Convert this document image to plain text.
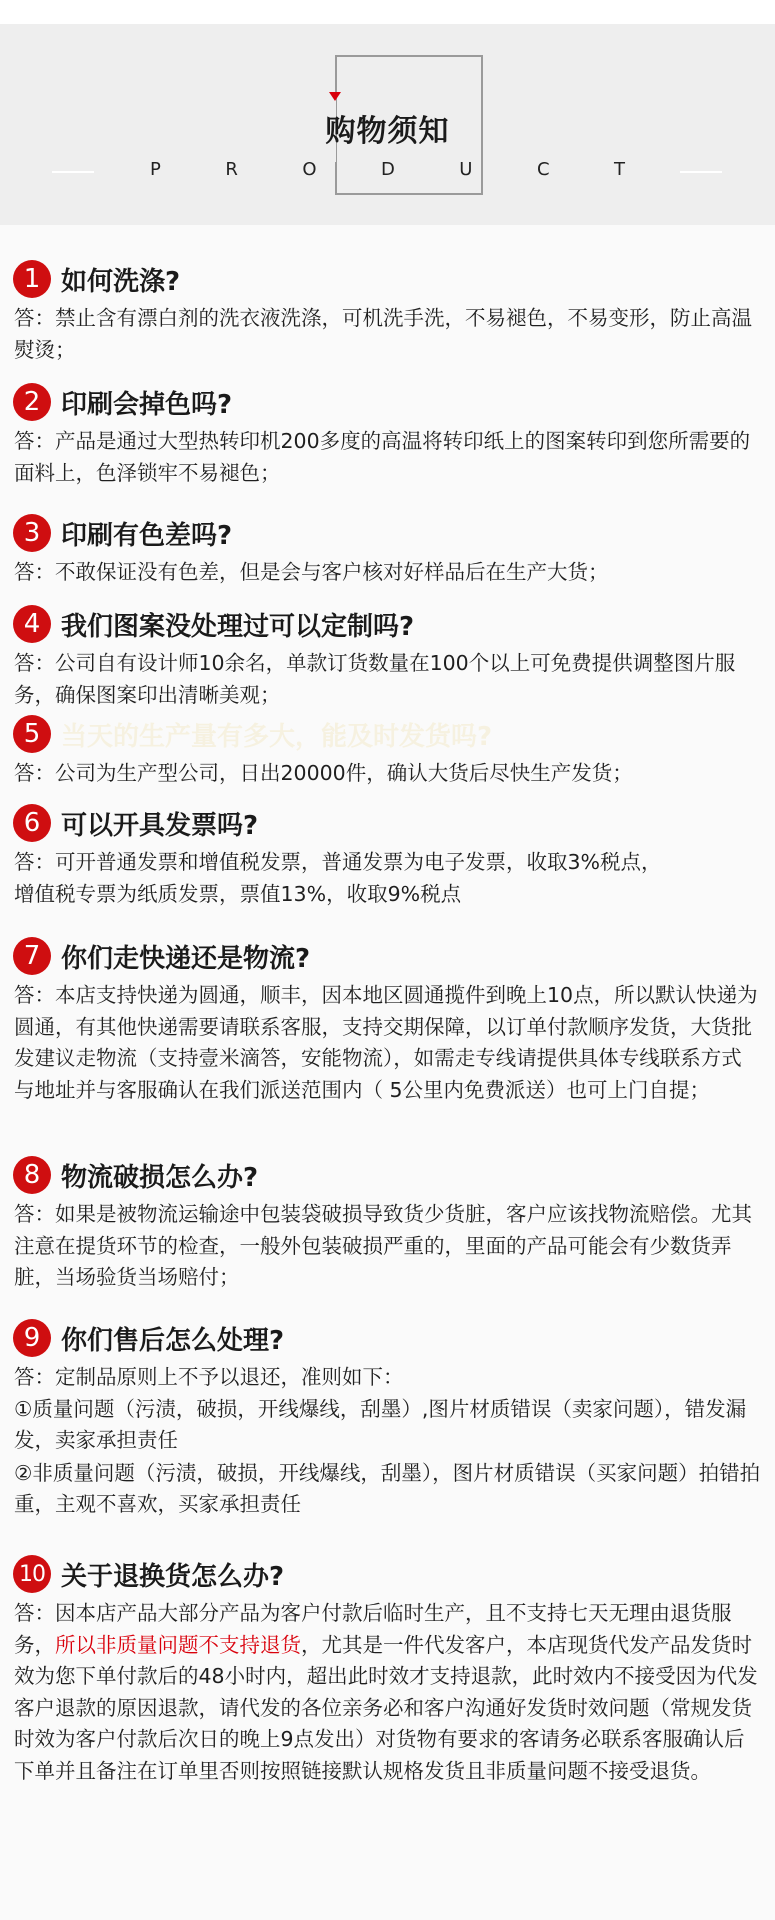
购物须知
P	R	O	D	U	C	T
1 如何洗涤?

答：禁止含有漂白剂的洗衣液洗涤，可机洗手洗，不易褪色，不易变形，防止高温熨烫；

2 印刷会掉色吗?

答：产品是通过大型热转印机200多度的高温将转印纸上的图案转印到您所需要的面料上，色泽锁牢不易褪色；

3 印刷有色差吗?

答：不敢保证没有色差，但是会与客户核对好样品后在生产大货；

4 我们图案没处理过可以定制吗?

答：公司自有设计师10余名，单款订货数量在100个以上可免费提供调整图片服务，确保图案印出清晰美观；

5 当天的生产量有多大，能及时发货吗?

答：公司为生产型公司，日出20000件，确认大货后尽快生产发货；

6 可以开具发票吗?

答：可开普通发票和增值税发票，普通发票为电子发票，收取3%税点，

增值税专票为纸质发票，票值13%，收取9%税点

7 你们走快递还是物流?

答：本店支持快递为圆通，顺丰，因本地区圆通揽件到晚上10点，所以默认快递为圆通，有其他快递需要请联系客服，支持交期保障，以订单付款顺序发货，大货批发建议走物流（支持壹米滴答，安能物流），如需走专线请提供具体专线联系方式与地址并与客服确认在我们派送范围内（ 5公里内免费派送）也可上门自提；

8 物流破损怎么办?

答：如果是被物流运输途中包装袋破损导致货少货脏，客户应该找物流赔偿。尤其注意在提货环节的检查，一般外包装破损严重的，里面的产品可能会有少数货弄脏，当场验货当场赔付；

9 你们售后怎么处理?

答：定制品原则上不予以退还，准则如下：

①质量问题（污渍，破损，开线爆线，刮墨）,图片材质错误（卖家问题），错发漏发，卖家承担责任

②非质量问题（污渍，破损，开线爆线，刮墨），图片材质错误（买家问题）拍错拍重，主观不喜欢，买家承担责任

10 关于退换货怎么办?

答：因本店产品大部分产品为客户付款后临时生产，且不支持七天无理由退货服务，所以非质量问题不支持退货，尤其是一件代发客户，本店现货代发产品发货时效为您下单付款后的48小时内，超出此时效才支持退款，此时效内不接受因为代发客户退款的原因退款，请代发的各位亲务必和客户沟通好发货时效问题（常规发货时效为客户付款后次日的晚上9点发出）对货物有要求的客请务必联系客服确认后下单并且备注在订单里否则按照链接默认规格发货且非质量问题不接受退货。
